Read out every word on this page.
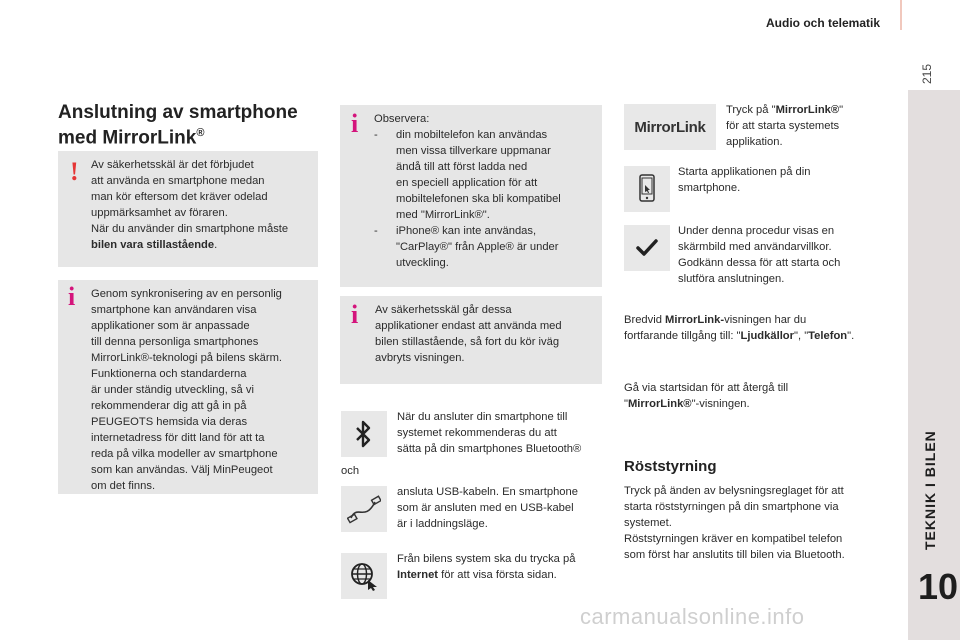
Audio och telematik
215
TEKNIK I BILEN
10
Anslutning av smartphone
med MirrorLink®
! Av säkerhetsskäl är det förbjudet
att använda en smartphone medan
man kör eftersom det kräver odelad
uppmärksamhet av föraren.
När du använder din smartphone måste
bilen vara stillastående.
i Genom synkronisering av en personlig
smartphone kan användaren visa
applikationer som är anpassade
till denna personliga smartphones
MirrorLink®-teknologi på bilens skärm.
Funktionerna och standarderna
är under ständig utveckling, så vi
rekommenderar dig att gå in på
PEUGEOTS hemsida via deras
internetadress för ditt land för att ta
reda på vilka modeller av smartphone
som kan användas. Välj MinPeugeot
om det finns.
i Observera:
-	din mobiltelefon kan användas
men vissa tillverkare uppmanar
ändå till att först ladda ned
en speciell application för att
mobiltelefonen ska bli kompatibel
med "MirrorLink®".
-	iPhone® kan inte användas,
"CarPlay®" från Apple® är under
utveckling.
i Av säkerhetsskäl går dessa
applikationer endast att använda med
bilen stillastående, så fort du kör iväg
avbryts visningen.
När du ansluter din smartphone till
systemet rekommenderas du att
sätta på din smartphones Bluetooth®
och
ansluta USB-kabeln. En smartphone
som är ansluten med en USB-kabel
är i laddningsläge.
Från bilens system ska du trycka på
Internet för att visa första sidan.
MirrorLink
Tryck på "MirrorLink®"
för att starta systemets
applikation.
Starta applikationen på din
smartphone.
Under denna procedur visas en
skärmbild med användarvillkor.
Godkänn dessa för att starta och
slutföra anslutningen.
Bredvid MirrorLink-visningen har du
fortfarande tillgång till: "Ljudkällor", "Telefon".
Gå via startsidan för att återgå till
"MirrorLink®"-visningen.
Röststyrning
Tryck på änden av belysningsreglaget för att
starta röststyrningen på din smartphone via
systemet.
Röststyrningen kräver en kompatibel telefon
som först har anslutits till bilen via Bluetooth.
carmanualsonline.info
